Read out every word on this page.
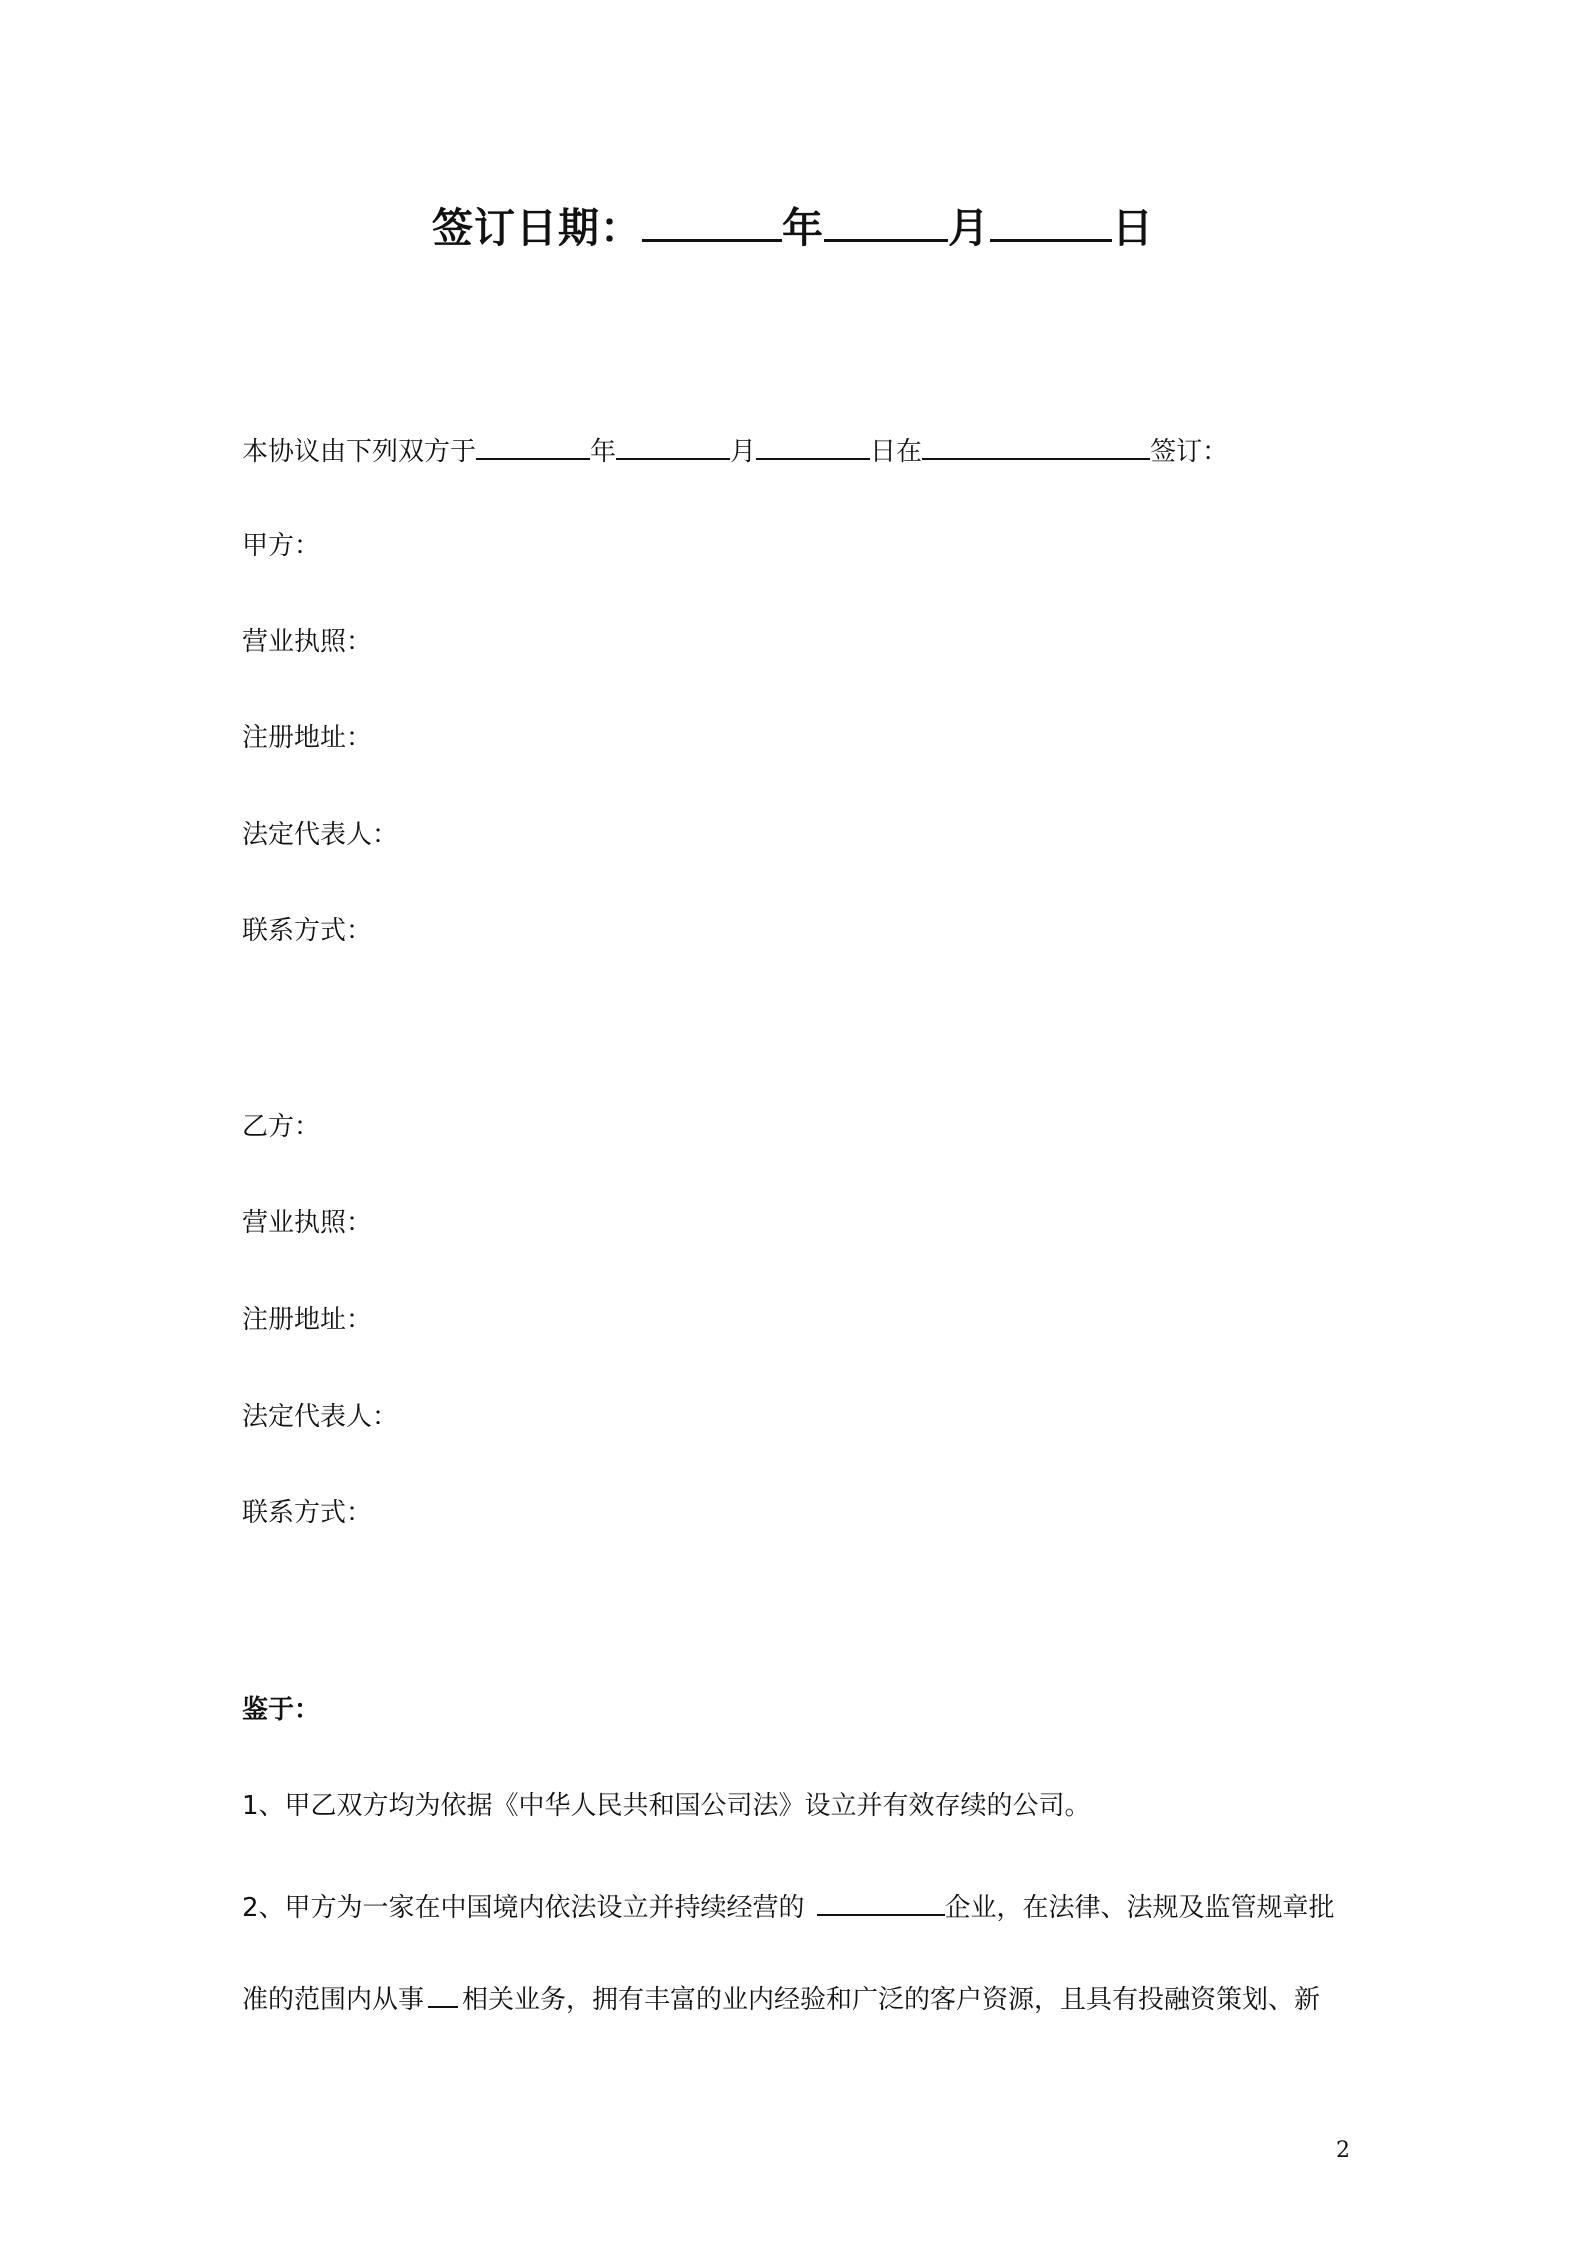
签订日期：	年	月	日
本协议由下列双方于	年	月	日在	签订：
甲方：
营业执照：
注册地址：
法定代表人：
联系方式：
乙方：
营业执照：
注册地址：
法定代表人：
联系方式：
鉴于：
1、甲乙双方均为依据《中华人民共和国公司法》设立并有效存续的公司。
2、甲方为一家在中国境内依法设立并持续经营的	企业，在法律、法规及监管规章批
准的范围内从事 相关业务，拥有丰富的业内经验和广泛的客户资源，且具有投融资策划、新
2
